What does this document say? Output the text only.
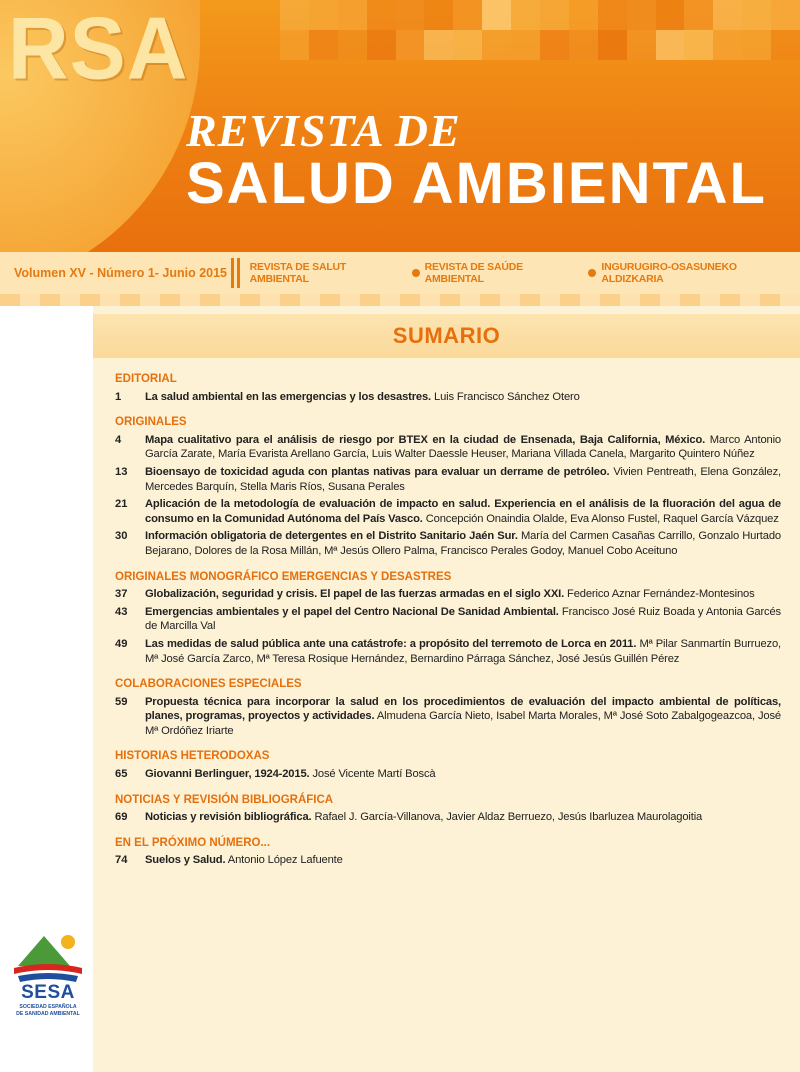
RSA
REVISTA DE
SALUD AMBIENTAL
Volumen XV - Número 1- Junio 2015	REVISTA DE SALUT AMBIENTAL
REVISTA DE SAÚDE AMBIENTAL
INGURUGIRO-OSASUNEKO ALDIZKARIA
SUMARIO
EDITORIAL
1	La salud ambiental en las emergencias y los desastres. Luis Francisco Sánchez Otero
ORIGINALES
4	Mapa cualitativo para el análisis de riesgo por BTEX en la ciudad de Ensenada, Baja California, México. Marco Antonio García Zarate, María Evarista Arellano García, Luis Walter Daessle Heuser, Mariana Villada Canela, Margarito Quintero Núñez
13	Bioensayo de toxicidad aguda con plantas nativas para evaluar un derrame de petróleo. Vivien Pentreath, Elena González, Mercedes Barquín, Stella Maris Ríos, Susana Perales
21	Aplicación de la metodología de evaluación de impacto en salud. Experiencia en el análisis de la fluoración del agua de consumo en la Comunidad Autónoma del País Vasco. Concepción Onaindia Olalde, Eva Alonso Fustel, Raquel García Vázquez
30	Información obligatoria de detergentes en el Distrito Sanitario Jaén Sur. María del Carmen Casañas Carrillo, Gonzalo Hurtado Bejarano, Dolores de la Rosa Millán, Mª Jesús Ollero Palma, Francisco Perales Godoy, Manuel Cobo Aceituno
ORIGINALES MONOGRÁFICO EMERGENCIAS Y DESASTRES
37	Globalización, seguridad y crisis. El papel de las fuerzas armadas en el siglo XXI. Federico Aznar Fernández-Montesinos
43	Emergencias ambientales y el papel del Centro Nacional De Sanidad Ambiental. Francisco José Ruiz Boada y Antonia Garcés de Marcilla Val
49	Las medidas de salud pública ante una catástrofe: a propósito del terremoto de Lorca en 2011. Mª Pilar Sanmartín Burruezo, Mª José García Zarco, Mª Teresa Rosique Hernández, Bernardino Párraga Sánchez, José Jesús Guillén Pérez
COLABORACIONES ESPECIALES
59	Propuesta técnica para incorporar la salud en los procedimientos de evaluación del impacto ambiental de políticas, planes, programas, proyectos y actividades. Almudena García Nieto, Isabel Marta Morales, Mª José Soto Zabalgogeazcoa, José Mª Ordóñez Iriarte
HISTORIAS HETERODOXAS
65	Giovanni Berlinguer, 1924-2015. José Vicente Martí Boscà
NOTICIAS Y REVISIÓN BIBLIOGRÁFICA
69	Noticias y revisión bibliográfica. Rafael J. García-Villanova, Javier Aldaz Berruezo, Jesús Ibarluzea Maurolagoitia
EN EL PRÓXIMO NÚMERO...
74	Suelos y Salud. Antonio López Lafuente
SESA
SOCIEDAD ESPAÑOLA
DE SANIDAD AMBIENTAL
